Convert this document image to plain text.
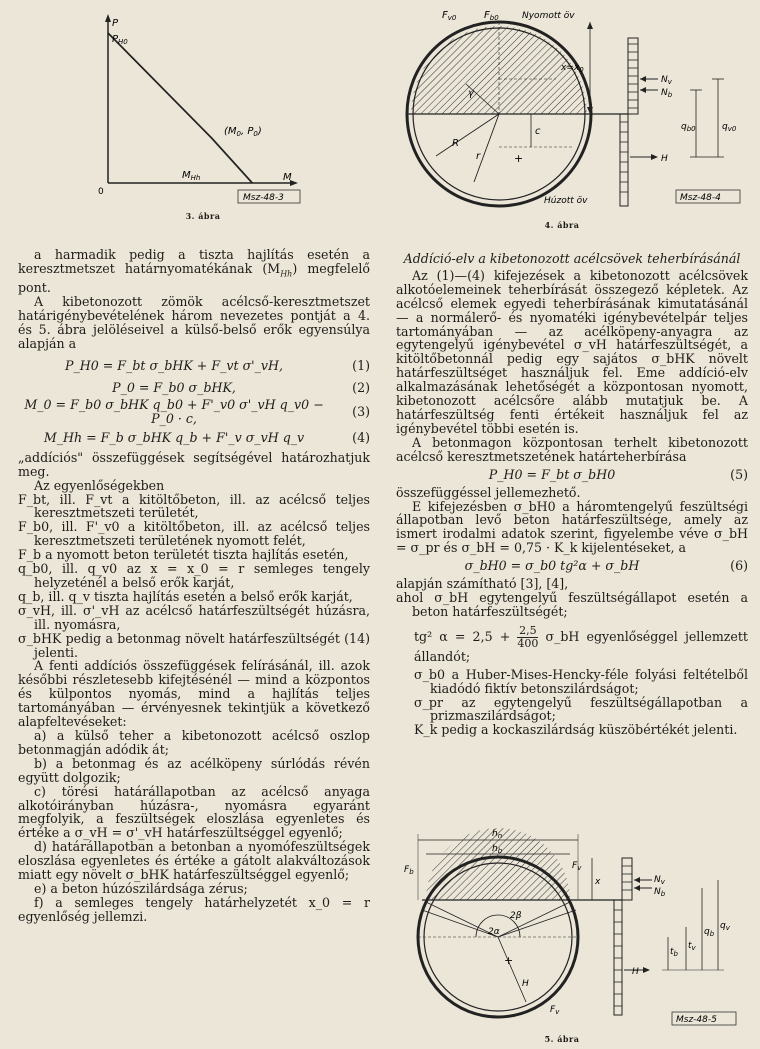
P
$P_{H0}$
($M_0$, $P_0$)
$M_{Hh}$	M
0
Msz-48-3
3. ábra

a harmadik pedig a tiszta hajlítás esetén a keresztmetszet határnyomatékának $(M_{Hh})$ megfelelő pont.

A kibetonozott zömök acélcső-keresztmetszet határigénybevételének három nevezetes pontját a 4. és 5. ábra jelöléseivel a külső-belső erők egyensúlya alapján a

P_H0 = F_bt σ_bHK + F_vt σ'_vH,	(1)
P_0 = F_b0 σ_bHK,	(2)
M_0 = F_b0 σ_bHK q_b0 + F'_v0 σ'_vH q_v0 − P_0 · c,	(3)
M_Hh = F_b σ_bHK q_b + F'_v σ_vH q_v	(4)

„addíciós" összefüggések segítségével határozhatjuk meg.

Az egyenlőségekben

F_bt, ill. F_vt a kitöltőbeton, ill. az acélcső teljes keresztmetszeti területét,

F_b0, ill. F'_v0 a kitöltőbeton, ill. az acélcső teljes keresztmetszeti területének nyomott felét,

F_b a nyomott beton területét tiszta hajlítás esetén,

q_b0, ill. q_v0 az x = x_0 = r semleges tengely helyzeténél a belső erők karját,

q_b, ill. q_v tiszta hajlítás esetén a belső erők karját,

σ_vH, ill. σ'_vH az acélcső határfeszültségét húzásra, ill. nyomásra,

σ_bHK pedig a betonmag növelt határfeszültségét (14) jelenti.

A fenti addíciós összefüggések felírásánál, ill. azok későbbi részletesebb kifejtésénél — mind a központos és külpontos nyomás, mind a hajlítás teljes tartományában — érvényesnek tekintjük a következő alapfeltevéseket:

a) a külső teher a kibetonozott acélcső oszlop betonmagján adódik át;

b) a betonmag és az acélköpeny súrlódás révén együtt dolgozik;

c) törési határállapotban az acélcső anyaga alkotóirányban húzásra-, nyomásra egyaránt megfolyik, a feszültségek eloszlása egyenletes és értéke a σ_vH = σ'_vH határfeszültséggel egyenlő;

d) határállapotban a betonban a nyomófeszültségek eloszlása egyenletes és értéke a gátolt alakváltozások miatt egy növelt σ_bHK határfeszültséggel egyenlő;

e) a beton húzószilárdsága zérus;

f) a semleges tengely határhelyzetét x_0 = r egyenlőség jellemzi.

$F_{v0}$	$F_{b0}$	Nyomott öv
$x=x_0$
$N_v$
$N_b$
$q_{b0}$	$q_{v0}$
R
r
γ
c
+	H
Húzott öv	Msz-48-4
4. ábra

Addíció-elv a kibetonozott acélcsövek teherbírásánál

Az (1)—(4) kifejezések a kibetonozott acélcsövek alkotóelemeinek teherbírását összegező képletek. Az acélcső elemek egyedi teherbírásának kimutatásánál — a normálerő- és nyomatéki igénybevételpár teljes tartományában — az acélköpeny-anyagra az egytengelyű igénybevétel σ_vH határfeszültségét, a kitöltőbetonnál pedig egy sajátos σ_bHK növelt határfeszültséget használjuk fel. Eme addíció-elv alkalmazásának lehetőségét a központosan nyomott, kibetonozott acélcsőre alább mutatjuk be. A határfeszültség fenti értékeit használjuk fel az igénybevétel többi esetén is.

A betonmagon központosan terhelt kibetonozott acélcső keresztmetszetének határteherbírása

P_H0 = F_bt σ_bH0	(5)

összefüggéssel jellemezhető.

E kifejezésben σ_bH0 a háromtengelyű feszültségi állapotban levő beton határfeszültsége, amely az ismert irodalmi adatok szerint, figyelembe véve σ_bH = σ_pr és σ_bH = 0,75 · K_k kijelentéseket, a

σ_bH0 = σ_b0 tg²α + σ_bH	(6)

alapján számítható [3], [4],

ahol σ_bH egytengelyű feszültségállapot esetén a beton határfeszültségét;

tg² $\alpha = 2,5 + \frac{2,5}{400}$ σ_bH egyenlőséggel jellemzett állandót;

σ_b0 a Huber-Mises-Hencky-féle folyási feltételből kiadódó fiktív betonszilárdságot;

σ_pr az egytengelyű feszültségállapotban a prizmaszilárdságot;

K_k pedig a kockaszilárdság küszöbértékét jelenti.

$h_n$
$h_b$
$F_b$
$F_v$
x	$N_v$
$N_b$
2α
2β
H
H
$t_b$
$t_v$
$q_b$
$q_v$
+
$F_v$
Msz-48-5
5. ábra
